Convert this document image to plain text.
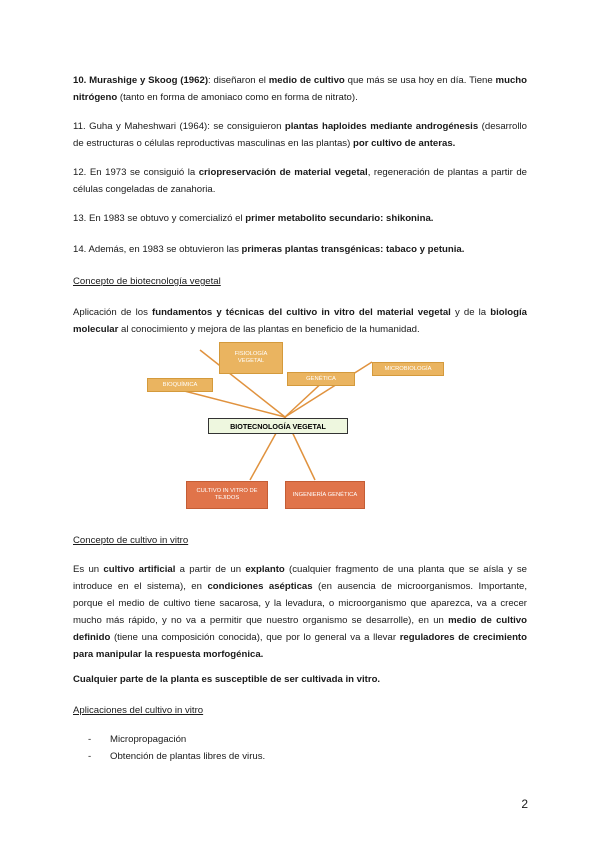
10. Murashige y Skoog (1962): diseñaron el medio de cultivo que más se usa hoy en día. Tiene mucho nitrógeno (tanto en forma de amoniaco como en forma de nitrato).

11. Guha y Maheshwari (1964): se consiguieron plantas haploides mediante androgénesis (desarrollo de estructuras o células reproductivas masculinas en las plantas) por cultivo de anteras.

12. En 1973 se consiguió la criopreservación de material vegetal, regeneración de plantas a partir de células congeladas de zanahoria.

13. En 1983 se obtuvo y comercializó el primer metabolito secundario: shikonina.

14. Además, en 1983 se obtuvieron las primeras plantas transgénicas: tabaco y petunia.

Concepto de biotecnología vegetal

Aplicación de los fundamentos y técnicas del cultivo in vitro del material vegetal y de la biología molecular al conocimiento y mejora de las plantas en beneficio de la humanidad.

FISIOLOGÍA VEGETAL
BIOQUÍMICA
GENÉTICA
MICROBIOLOGÍA
BIOTECNOLOGÍA VEGETAL
CULTIVO IN VITRO DE TEJIDOS
INGENIERÍA GENÉTICA

Concepto de cultivo in vitro

Es un cultivo artificial a partir de un explanto (cualquier fragmento de una planta que se aísla y se introduce en el sistema), en condiciones asépticas (en ausencia de microorganismos. Importante, porque el medio de cultivo tiene sacarosa, y la levadura, o microorganismo que aparezca, va a crecer mucho más rápido, y no va a permitir que nuestro organismo se desarrolle), en un medio de cultivo definido (tiene una composición conocida), que por lo general va a llevar reguladores de crecimiento para manipular la respuesta morfogénica.

Cualquier parte de la planta es susceptible de ser cultivada in vitro.

Aplicaciones del cultivo in vitro

- Micropropagación
- Obtención de plantas libres de virus.
2
